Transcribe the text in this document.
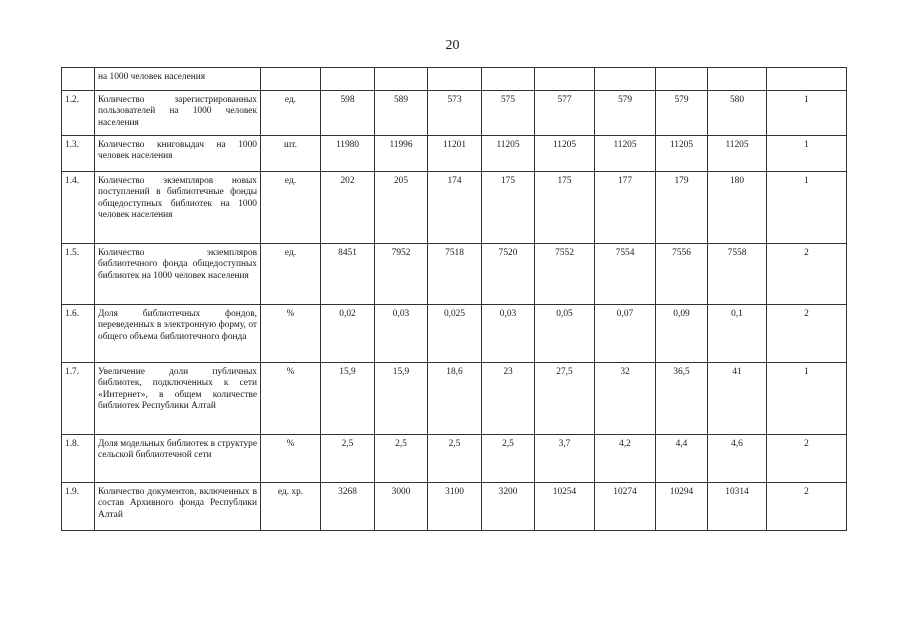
20
	на 1000 человек населения										
1.2.	Количество зарегистрированных пользователей на 1000 человек населения	ед.	598	589	573	575	577	579	579	580	1
1.3.	Количество книговыдач на 1000 человек населения	шт.	11980	11996	11201	11205	11205	11205	11205	11205	1
1.4.	Количество экземпляров новых поступлений в библиотечные фонды общедоступных библиотек на 1000 человек населения	ед.	202	205	174	175	175	177	179	180	1
1.5.	Количество экземпляров библиотечного фонда общедоступных библиотек на 1000 человек населения	ед.	8451	7952	7518	7520	7552	7554	7556	7558	2
1.6.	Доля библиотечных фондов, переведенных в электронную форму, от общего объема библиотечного фонда	%	0,02	0,03	0,025	0,03	0,05	0,07	0,09	0,1	2
1.7.	Увеличение доли публичных библиотек, подключенных к сети «Интернет», в общем количестве библиотек Республики Алтай	%	15,9	15,9	18,6	23	27,5	32	36,5	41	1
1.8.	Доля модельных библиотек в структуре сельской библиотечной сети	%	2,5	2,5	2,5	2,5	3,7	4,2	4,4	4,6	2
1.9.	Количество документов, включенных в состав Архивного фонда Республики Алтай	ед. хр.	3268	3000	3100	3200	10254	10274	10294	10314	2
